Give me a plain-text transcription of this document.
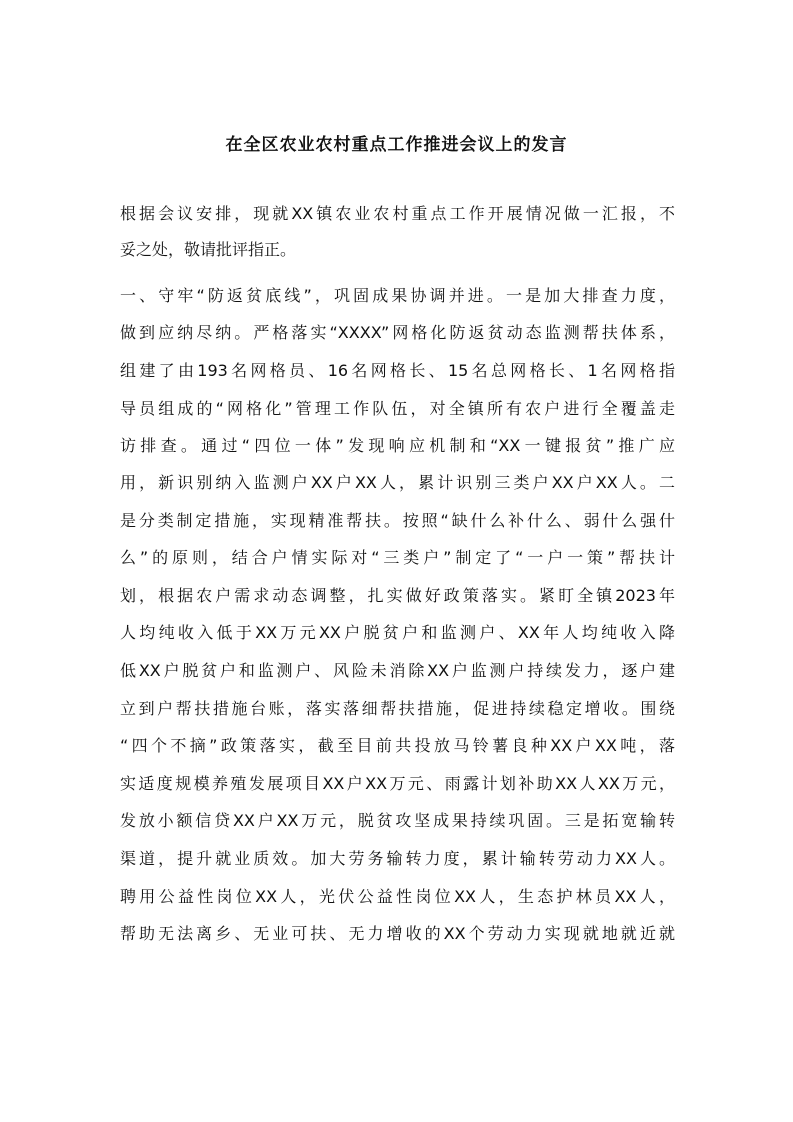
在全区农业农村重点工作推进会议上的发言
根据会议安排，现就XX镇农业农村重点工作开展情况做一汇报，不
妥之处，敬请批评指正。
一、守牢“防返贫底线”，巩固成果协调并进。一是加大排查力度，
做到应纳尽纳。严格落实“XXXX”网格化防返贫动态监测帮扶体系，
组建了由193名网格员、16名网格长、15名总网格长、1名网格指
导员组成的“网格化”管理工作队伍，对全镇所有农户进行全覆盖走
访排查。通过“四位一体”发现响应机制和“XX一键报贫”推广应
用，新识别纳入监测户XX户XX人，累计识别三类户XX户XX人。二
是分类制定措施，实现精准帮扶。按照“缺什么补什么、弱什么强什
么”的原则，结合户情实际对“三类户”制定了“一户一策”帮扶计
划，根据农户需求动态调整，扎实做好政策落实。紧盯全镇2023年
人均纯收入低于XX万元XX户脱贫户和监测户、XX年人均纯收入降
低XX户脱贫户和监测户、风险未消除XX户监测户持续发力，逐户建
立到户帮扶措施台账，落实落细帮扶措施，促进持续稳定增收。围绕
“四个不摘”政策落实，截至目前共投放马铃薯良种XX户XX吨，落
实适度规模养殖发展项目XX户XX万元、雨露计划补助XX人XX万元，
发放小额信贷XX户XX万元，脱贫攻坚成果持续巩固。三是拓宽输转
渠道，提升就业质效。加大劳务输转力度，累计输转劳动力XX人。
聘用公益性岗位XX人，光伏公益性岗位XX人，生态护林员XX人，
帮助无法离乡、无业可扶、无力增收的XX个劳动力实现就地就近就
